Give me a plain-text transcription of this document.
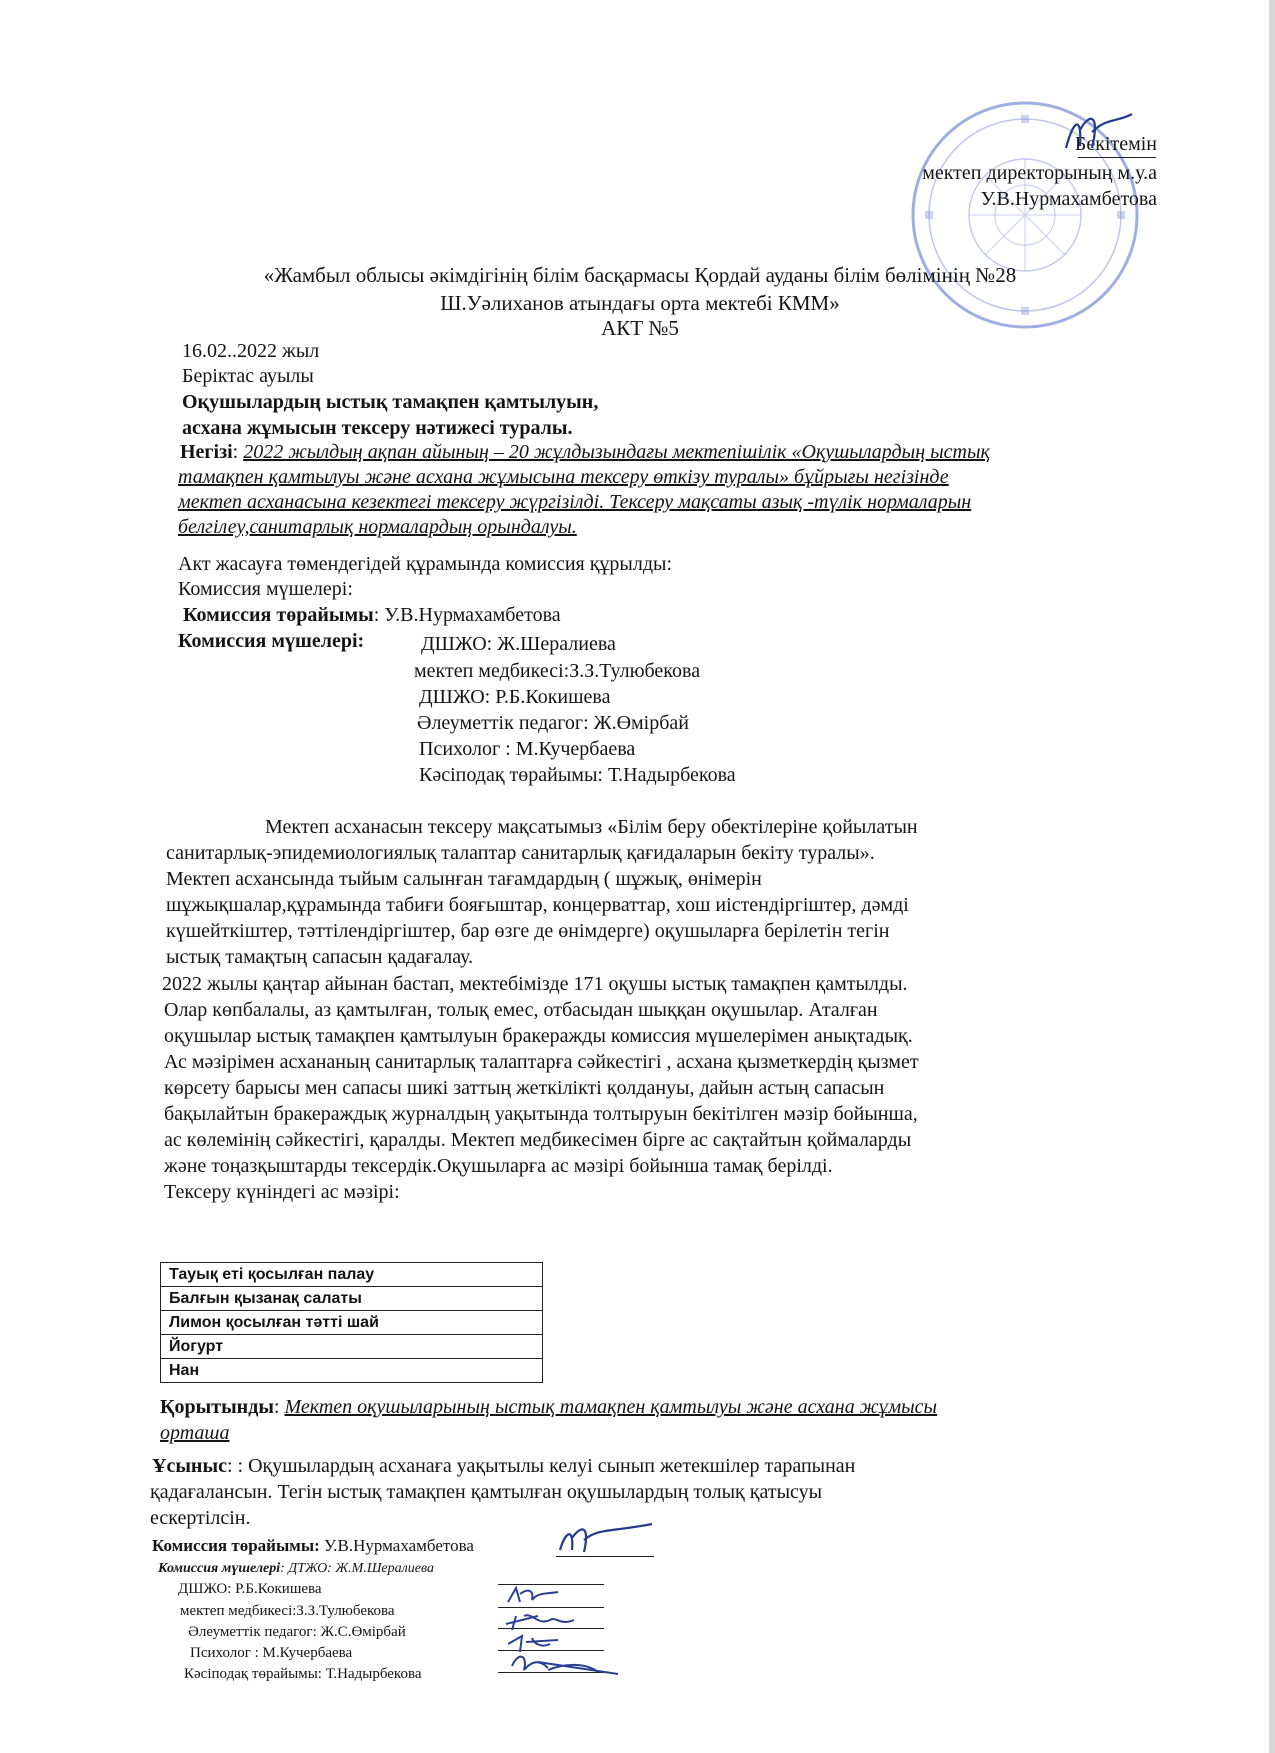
Бекітемін
мектеп директорының м.у.а
У.В.Нурмахамбетова
«Жамбыл облысы әкімдігінің білім басқармасы Қордай ауданы білім бөлімінің №28
Ш.Уәлиханов атындағы орта мектебі КММ»
АКТ №5
16.02..2022 жыл
Берiктас ауылы
Оқушылардың ыстық тамақпен қамтылуын,
асхана жұмысын тексеру нәтижесі туралы.
Негізі: 2022 жылдың ақпан айының – 20 жұлдызындағы мектепішілік «Оқушылардың ыстық
тамақпен қамтылуы және асхана жұмысына тексеру өткізу туралы» бұйрығы негізінде
мектеп асханасына кезектегі тексеру жүргізілді. Тексеру мақсаты азық -түлік нормаларын
белгілеу,санитарлық нормалардың орындалуы.
Акт жасауға төмендегідей құрамында комиссия құрылды:
Комиссия мүшелері:
Комиссия төрайымы: У.В.Нурмахамбетова
Комиссия мүшелері:	ДШЖО: Ж.Шералиева
мектеп медбикесі:З.З.Тулюбекова
ДШЖО: Р.Б.Кокишева
Әлеуметтік педагог: Ж.Өмірбай
Психолог : М.Кучербаева
Кәсіподақ төрайымы: Т.Надырбекова
Мектеп асханасын тексеру мақсатымыз «Білім беру обектілеріне қойылатын
санитарлық-эпидемиологиялық талаптар санитарлық қағидаларын бекіту туралы».
Мектеп асхансында тыйым салынған тағамдардың ( шұжық, өнімерін
шұжықшалар,құрамында табиғи бояғыштар, концерваттар, хош иістендіргіштер, дәмді
күшейткіштер, тәттілендіргіштер, бар өзге де өнімдерге) оқушыларға берілетін тегін
ыстық тамақтың сапасын қадағалау.
2022 жылы қаңтар айынан бастап, мектебімізде 171 оқушы ыстық тамақпен қамтылды.
Олар көпбалалы, аз қамтылған, толық емес, отбасыдан шыққан оқушылар. Аталған
оқушылар ыстық тамақпен қамтылуын бракеражды комиссия мүшелерімен анықтадық.
Ас мәзірімен асхананың санитарлық талаптарға сәйкестігі , асхана қызметкердің қызмет
көрсету барысы мен сапасы шикі заттың жеткілікті қолдануы, дайын астың сапасын
бақылайтын бракераждық журналдың уақытында толтыруын бекітілген мәзір бойынша,
ас көлемінің сәйкестігі, қаралды. Мектеп медбикесімен бірге ас сақтайтын қоймаларды
және тоңазқыштарды тексердік.Оқушыларға ас мәзірі бойынша тамақ берілді.
Тексеру күніндегі ас мәзірі:
Тауық еті қосылған палау
Балғын қызанақ салаты
Лимон қосылған тәтті шай
Йогурт
Нан
Қорытынды: Мектеп оқушыларының ыстық тамақпен қамтылуы және асхана жұмысы
орташа
Ұсыныс: : Оқушылардың асханаға уақытылы келуі сынып жетекшілер тарапынан
қадағалансын. Тегін ыстық тамақпен қамтылған оқушылардың толық қатысуы
ескертілсін.
Комиссия төрайымы: У.В.Нурмахамбетова
Комиссия мүшелері: ДТЖО: Ж.М.Шералиева
ДШЖО: Р.Б.Кокишева
мектеп медбикесі:З.З.Тулюбекова
Әлеуметтік педагог: Ж.С.Өмірбай
Психолог : М.Кучербаева
Кәсіподақ төрайымы: Т.Надырбекова
